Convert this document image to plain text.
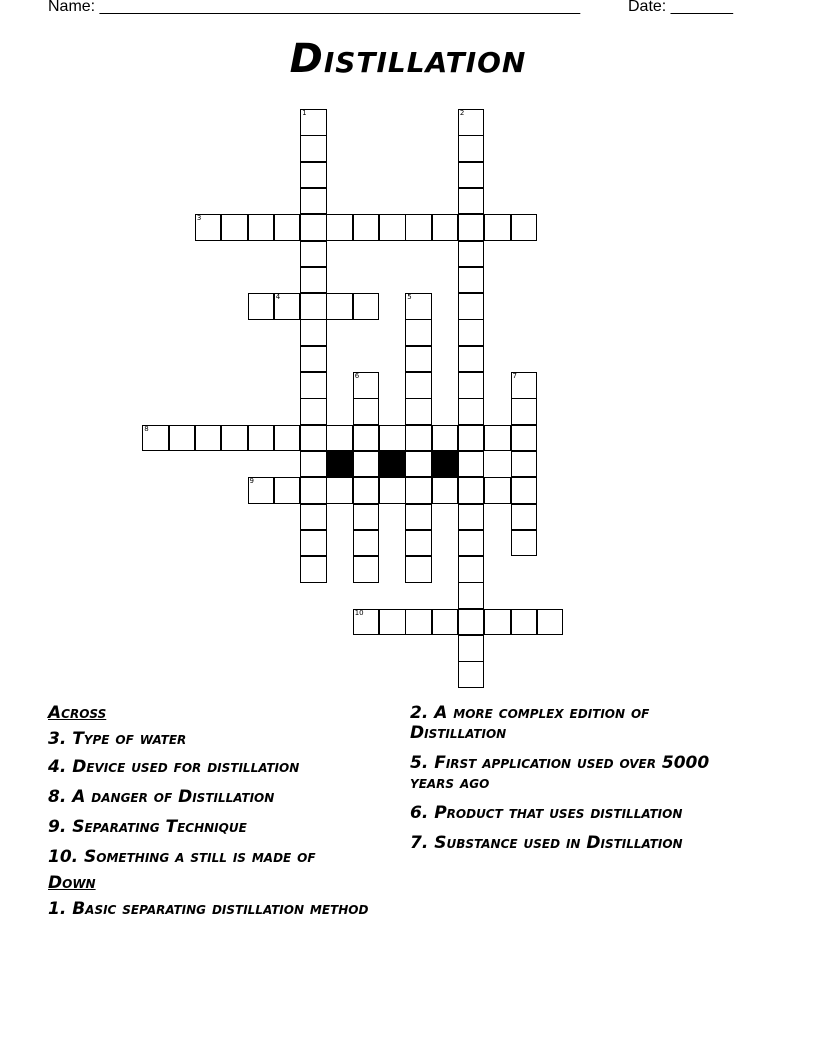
Name: ______________________________________________________	Date: _______
Distillation
1	2
3
4	5
6	7
8
9
10
Across
3. Type of water
4. Device used for distillation
8. A danger of Distillation
9. Separating Technique
10. Something a still is made of
Down
1. Basic separating distillation method
2. A more complex edition of Distillation
5. First application used over 5000 years ago
6. Product that uses distillation
7. Substance used in Distillation
